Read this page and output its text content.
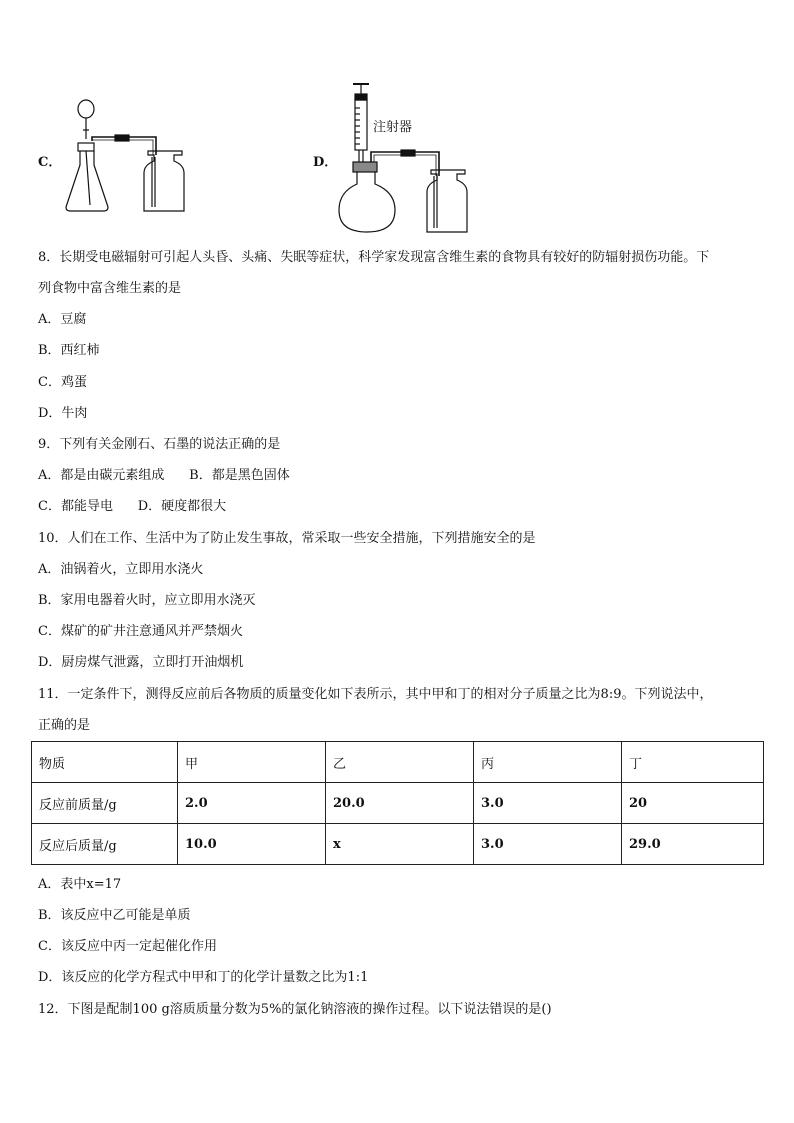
C．	D．
注射器
8．长期受电磁辐射可引起人头昏、头痛、失眠等症状，科学家发现富含维生素的食物具有较好的防辐射损伤功能。下
列食物中富含维生素的是
A．豆腐
B．西红柿
C．鸡蛋
D．牛肉
9．下列有关金刚石、石墨的说法正确的是
A．都是由碳元素组成      B．都是黑色固体
C．都能导电      D．硬度都很大
10．人们在工作、生活中为了防止发生事故，常采取一些安全措施，下列措施安全的是
A．油锅着火，立即用水浇火
B．家用电器着火时，应立即用水浇灭
C．煤矿的矿井注意通风并严禁烟火
D．厨房煤气泄露，立即打开油烟机
11．一定条件下，测得反应前后各物质的质量变化如下表所示，其中甲和丁的相对分子质量之比为8:9。下列说法中，
正确的是
物质	甲	乙	丙	丁
反应前质量/g	2.0	20.0	3.0	20
反应后质量/g	10.0	x	3.0	29.0
A．表中x=17
B．该反应中乙可能是单质
C．该反应中丙一定起催化作用
D．该反应的化学方程式中甲和丁的化学计量数之比为1:1
12．下图是配制100 g溶质质量分数为5%的氯化钠溶液的操作过程。以下说法错误的是()
